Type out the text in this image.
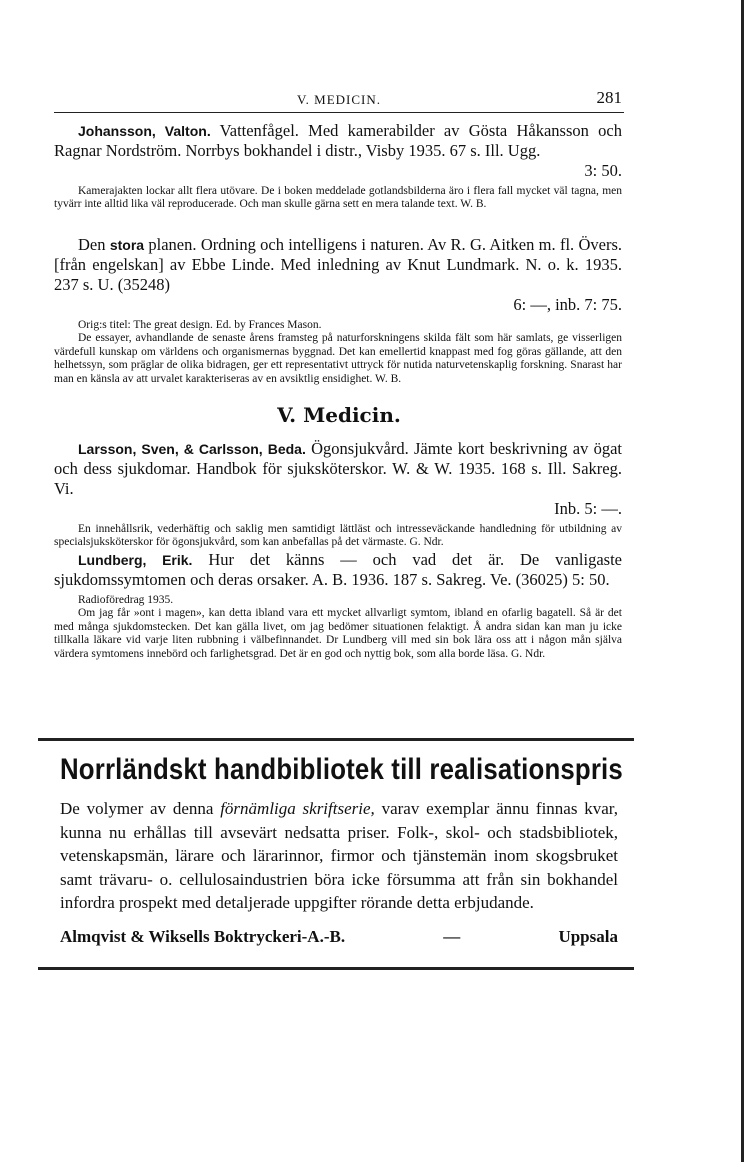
V. MEDICIN.	281
Johansson, Valton. Vattenfågel. Med kamerabilder av Gösta Håkansson och Ragnar Nordström. Norrbys bokhandel i distr., Visby 1935. 67 s. Ill. Ugg.
3: 50.
Kamerajakten lockar allt flera utövare. De i boken meddelade gotlandsbilderna äro i flera fall mycket väl tagna, men tyvärr inte alltid lika väl reproducerade. Och man skulle gärna sett en mera talande text. W. B.
Den stora planen. Ordning och intelligens i naturen. Av R. G. Aitken m. fl. Övers. [från engelskan] av Ebbe Linde. Med inledning av Knut Lundmark. N. o. k. 1935. 237 s. U. (35248)
6: —, inb. 7: 75.
Orig:s titel: The great design. Ed. by Frances Mason.
De essayer, avhandlande de senaste årens framsteg på naturforskningens skilda fält som här samlats, ge visserligen värdefull kunskap om världens och organismernas byggnad. Det kan emellertid knappast med fog göras gällande, att den helhetssyn, som präglar de olika bidragen, ger ett representativt uttryck för nutida naturvetenskaplig forskning. Snarast har man en känsla av att urvalet karakteriseras av en avsiktlig ensidighet. W. B.
V. Medicin.
Larsson, Sven, & Carlsson, Beda. Ögonsjukvård. Jämte kort beskrivning av ögat och dess sjukdomar. Handbok för sjuksköterskor. W. & W. 1935. 168 s. Ill. Sakreg. Vi.
Inb. 5: —.
En innehållsrik, vederhäftig och saklig men samtidigt lättläst och intresseväckande handledning för utbildning av specialsjuksköterskor för ögonsjukvård, som kan anbefallas på det värmaste. G. Ndr.
Lundberg, Erik. Hur det känns — och vad det är. De vanligaste sjukdomssymtomen och deras orsaker. A. B. 1936. 187 s. Sakreg. Ve. (36025) 5: 50.
Radioföredrag 1935.
Om jag får »ont i magen», kan detta ibland vara ett mycket allvarligt symtom, ibland en ofarlig bagatell. Så är det med många sjukdomstecken. Det kan gälla livet, om jag bedömer situationen felaktigt. Å andra sidan kan man ju icke tillkalla läkare vid varje liten rubbning i välbefinnandet. Dr Lundberg vill med sin bok lära oss att i någon mån själva värdera symtomens innebörd och farlighetsgrad. Det är en god och nyttig bok, som alla borde läsa. G. Ndr.
Norrländskt handbibliotek till realisationspris
De volymer av denna förnämliga skriftserie, varav exemplar ännu finnas kvar, kunna nu erhållas till avsevärt nedsatta priser. Folk-, skol- och stadsbibliotek, vetenskapsmän, lärare och lärarinnor, firmor och tjänstemän inom skogsbruket samt trävaru- o. cellulosaindustrien böra icke försumma att från sin bokhandel infordra prospekt med detaljerade uppgifter rörande detta erbjudande.
Almqvist & Wiksells Boktryckeri-A.-B.	—	Uppsala
